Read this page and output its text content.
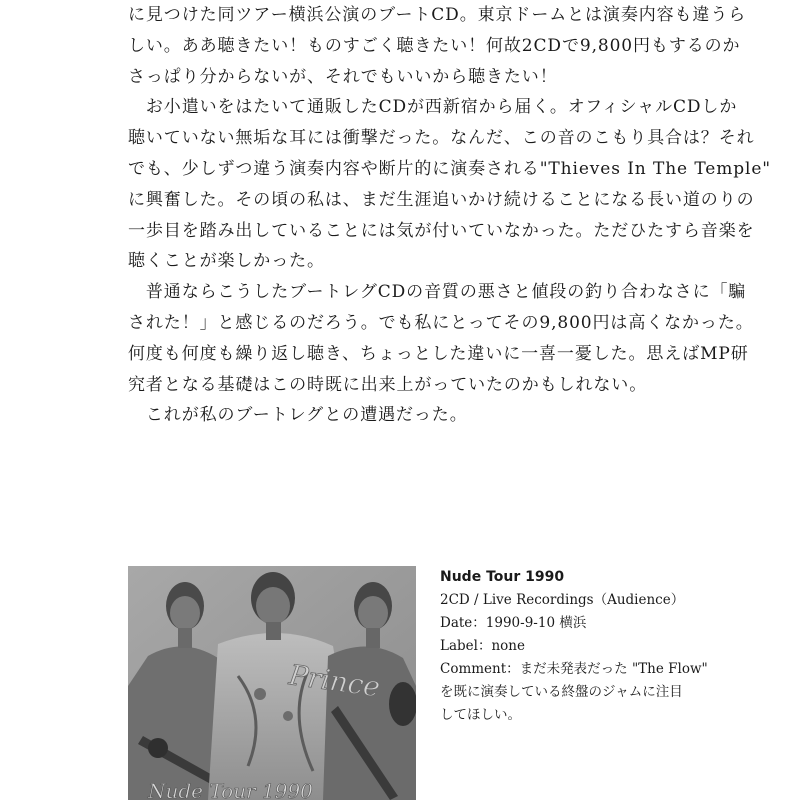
に見つけた同ツアー横浜公演のブートCD。東京ドームとは演奏内容も違うら
しい。ああ聴きたい！ものすごく聴きたい！何故2CDで9,800円もするのか
さっぱり分からないが、それでもいいから聴きたい！
　お小遣いをはたいて通販したCDが西新宿から届く。オフィシャルCDしか
聴いていない無垢な耳には衝撃だった。なんだ、この音のこもり具合は？それ
でも、少しずつ違う演奏内容や断片的に演奏される"Thieves In The Temple"
に興奮した。その頃の私は、まだ生涯追いかけ続けることになる長い道のりの
一歩目を踏み出していることには気が付いていなかった。ただひたすら音楽を
聴くことが楽しかった。
　普通ならこうしたブートレグCDの音質の悪さと値段の釣り合わなさに「騙
された！」と感じるのだろう。でも私にとってその9,800円は高くなかった。
何度も何度も繰り返し聴き、ちょっとした違いに一喜一憂した。思えばMP研
究者となる基礎はこの時既に出来上がっていたのかもしれない。
　これが私のブートレグとの遭遇だった。
Prince
Nude Tour 1990
Nude Tour 1990
2CD / Live Recordings（Audience）
Date：1990-9-10 横浜
Label：none
Comment：まだ未発表だった "The Flow"
を既に演奏している終盤のジャムに注目
してほしい。
